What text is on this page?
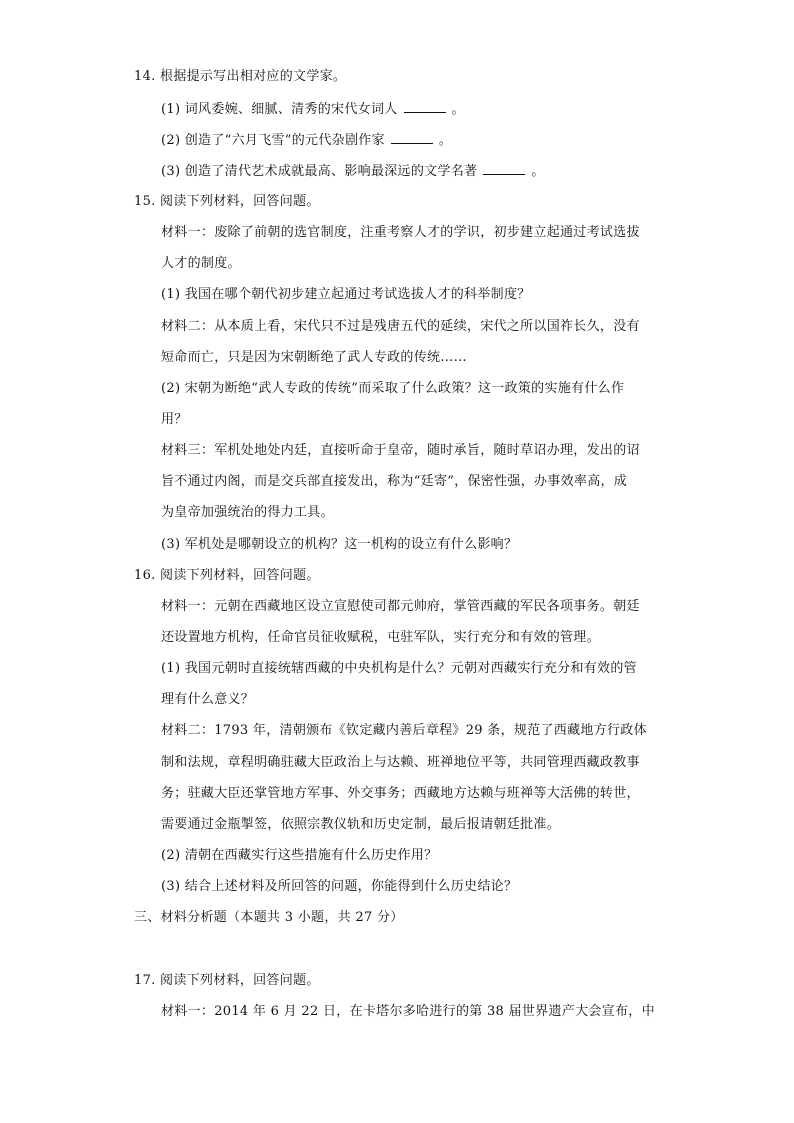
14. 根据提示写出相对应的文学家。
(1) 词风委婉、细腻、清秀的宋代女词人	。
(2) 创造了“六月飞雪”的元代杂剧作家	。
(3) 创造了清代艺术成就最高、影响最深远的文学名著	。
15. 阅读下列材料，回答问题。
材料一：废除了前朝的选官制度，注重考察人才的学识，初步建立起通过考试选拔
人才的制度。
(1) 我国在哪个朝代初步建立起通过考试选拔人才的科举制度？
材料二：从本质上看，宋代只不过是残唐五代的延续，宋代之所以国祚长久，没有
短命而亡，只是因为宋朝断绝了武人专政的传统……
(2) 宋朝为断绝“武人专政的传统”而采取了什么政策？这一政策的实施有什么作
用？
材料三：军机处地处内廷，直接听命于皇帝，随时承旨，随时草诏办理，发出的诏
旨不通过内阁，而是交兵部直接发出，称为“廷寄”，保密性强，办事效率高，成
为皇帝加强统治的得力工具。
(3) 军机处是哪朝设立的机构？这一机构的设立有什么影响？
16. 阅读下列材料，回答问题。
材料一：元朝在西藏地区设立宣慰使司都元帅府，掌管西藏的军民各项事务。朝廷
还设置地方机构，任命官员征收赋税，屯驻军队，实行充分和有效的管理。
(1) 我国元朝时直接统辖西藏的中央机构是什么？元朝对西藏实行充分和有效的管
理有什么意义？
材料二：1793 年，清朝颁布《钦定藏内善后章程》29 条，规范了西藏地方行政体
制和法规，章程明确驻藏大臣政治上与达赖、班禅地位平等，共同管理西藏政教事
务；驻藏大臣还掌管地方军事、外交事务；西藏地方达赖与班禅等大活佛的转世，
需要通过金瓶掣签，依照宗教仪轨和历史定制，最后报请朝廷批准。
(2) 清朝在西藏实行这些措施有什么历史作用？
(3) 结合上述材料及所回答的问题，你能得到什么历史结论？
三、材料分析题（本题共 3 小题，共 27 分）
17. 阅读下列材料，回答问题。
材料一：2014 年 6 月 22 日，在卡塔尔多哈进行的第 38 届世界遗产大会宣布，中
